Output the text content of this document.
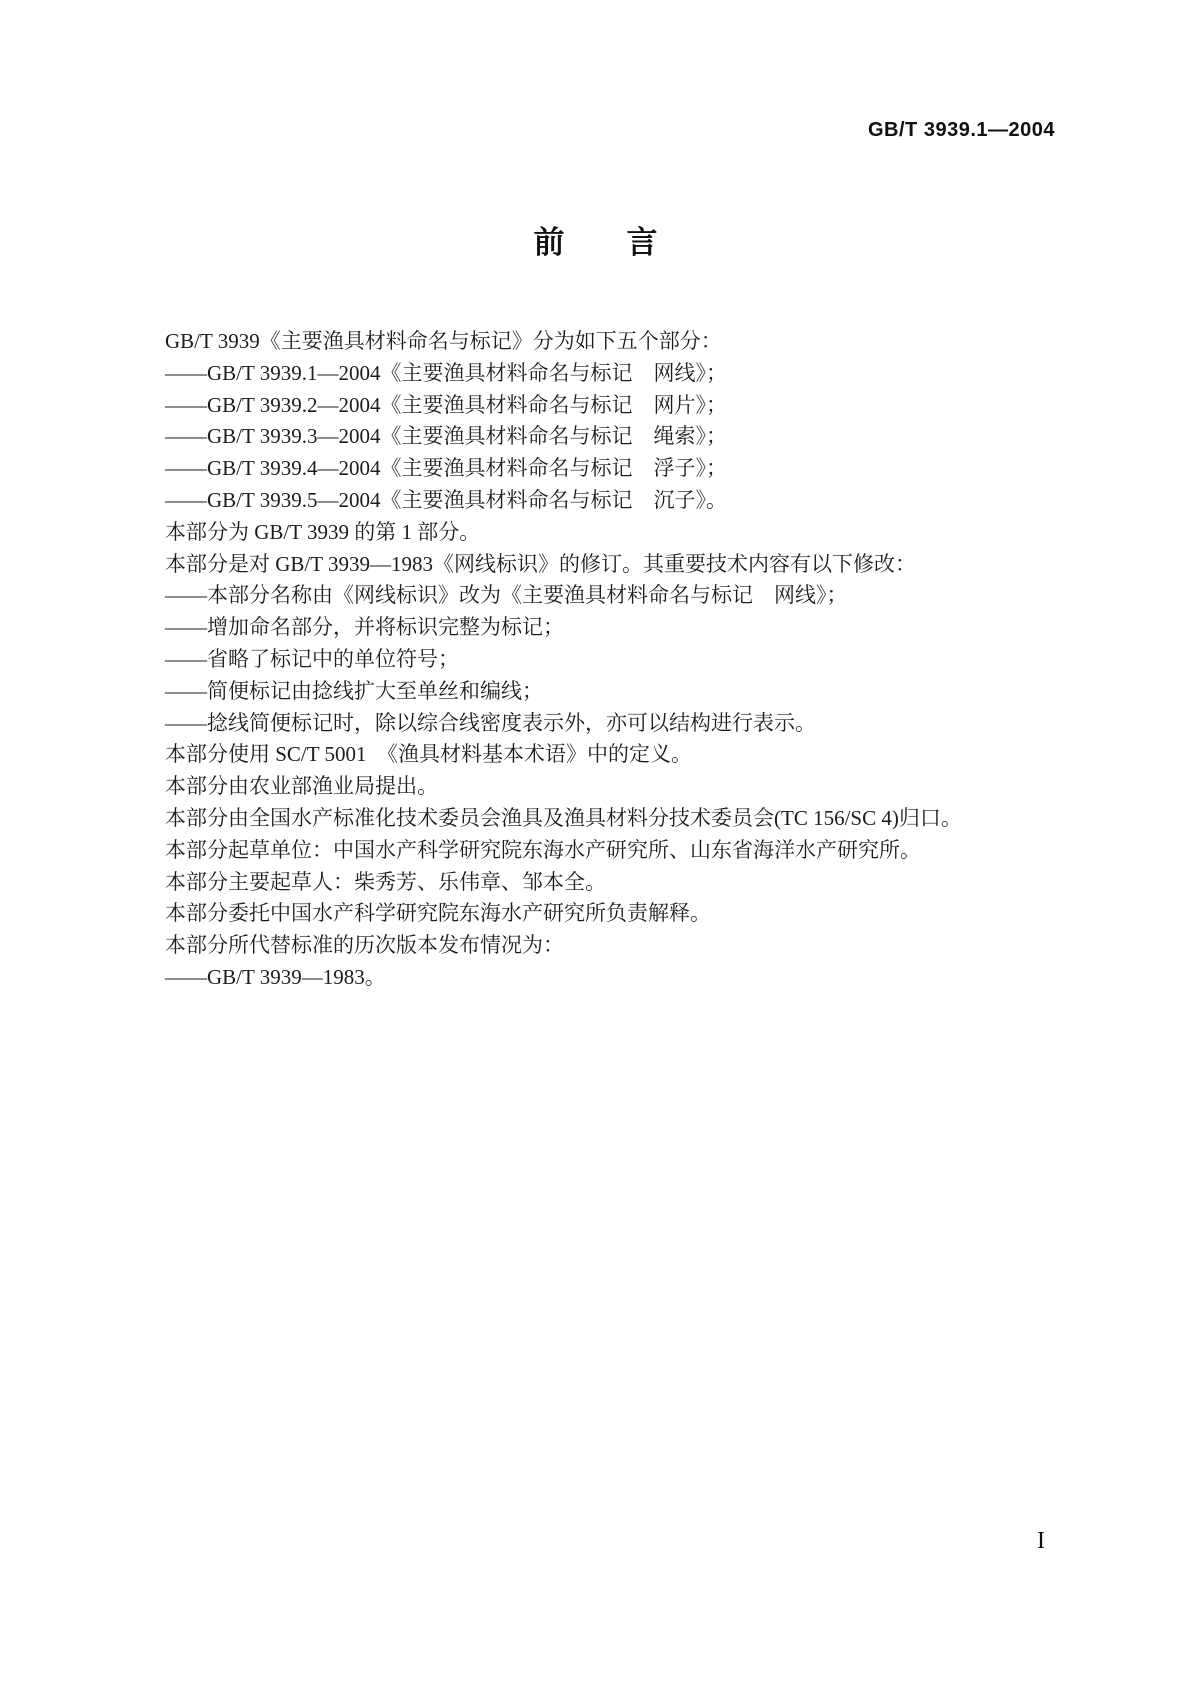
GB/T 3939.1—2004
前　　言

GB/T 3939《主要渔具材料命名与标记》分为如下五个部分：

——GB/T 3939.1—2004《主要渔具材料命名与标记　网线》；

——GB/T 3939.2—2004《主要渔具材料命名与标记　网片》；

——GB/T 3939.3—2004《主要渔具材料命名与标记　绳索》；

——GB/T 3939.4—2004《主要渔具材料命名与标记　浮子》；

——GB/T 3939.5—2004《主要渔具材料命名与标记　沉子》。

本部分为 GB/T 3939 的第 1 部分。

本部分是对 GB/T 3939—1983《网线标识》的修订。其重要技术内容有以下修改：

——本部分名称由《网线标识》改为《主要渔具材料命名与标记　网线》；

——增加命名部分，并将标识完整为标记；

——省略了标记中的单位符号；

——简便标记由捻线扩大至单丝和编线；

——捻线简便标记时，除以综合线密度表示外，亦可以结构进行表示。

本部分使用 SC/T 5001　《渔具材料基本术语》中的定义。

本部分由农业部渔业局提出。

本部分由全国水产标准化技术委员会渔具及渔具材料分技术委员会(TC 156/SC 4)归口。

本部分起草单位：中国水产科学研究院东海水产研究所、山东省海洋水产研究所。

本部分主要起草人：柴秀芳、乐伟章、邹本全。

本部分委托中国水产科学研究院东海水产研究所负责解释。

本部分所代替标准的历次版本发布情况为：

——GB/T 3939—1983。

I
